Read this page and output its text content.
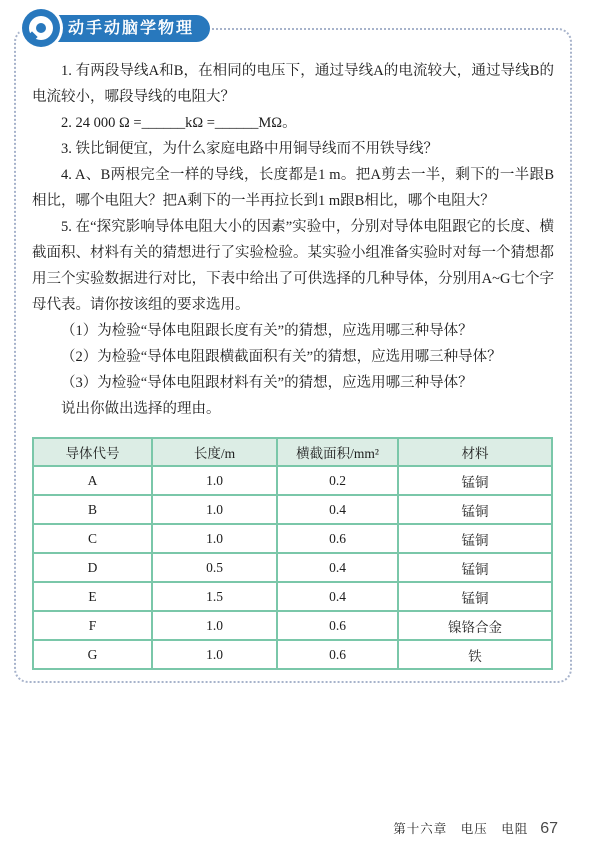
1. 有两段导线A和B，在相同的电压下，通过导线A的电流较大，通过导线B的电流较小，哪段导线的电阻大？
2. 24 000 Ω =______kΩ =______MΩ。
3. 铁比铜便宜，为什么家庭电路中用铜导线而不用铁导线？
4. A、B两根完全一样的导线，长度都是1 m。把A剪去一半，剩下的一半跟B相比，哪个电阻大？把A剩下的一半再拉长到1 m跟B相比，哪个电阻大？
5. 在“探究影响导体电阻大小的因素”实验中，分别对导体电阻跟它的长度、横截面积、材料有关的猜想进行了实验检验。某实验小组准备实验时对每一个猜想都用三个实验数据进行对比，下表中给出了可供选择的几种导体，分别用A~G七个字母代表。请你按该组的要求选用。
（1）为检验“导体电阻跟长度有关”的猜想，应选用哪三种导体？
（2）为检验“导体电阻跟横截面积有关”的猜想，应选用哪三种导体？
（3）为检验“导体电阻跟材料有关”的猜想，应选用哪三种导体？
说出你做出选择的理由。
导体代号	长度/m	横截面积/mm²	材料
A	1.0	0.2	锰铜
B	1.0	0.4	锰铜
C	1.0	0.6	锰铜
D	0.5	0.4	锰铜
E	1.5	0.4	锰铜
F	1.0	0.6	镍铬合金
G	1.0	0.6	铁
动手动脑学物理
第十六章　电压　电阻 67
